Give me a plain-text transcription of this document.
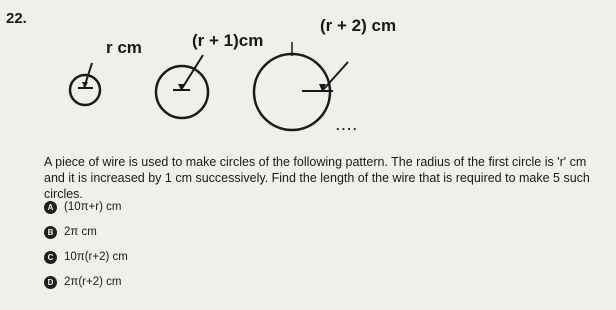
22.
r cm	(r + 1)cm
(r + 2) cm
....
A piece of wire is used to make circles of the following pattern. The radius of the first circle is 'r' cm and it is increased by 1 cm successively. Find the length of the wire that is required to make 5 such circles.
A (10π+r) cm
B 2π cm
C 10π(r+2) cm
D 2π(r+2) cm
